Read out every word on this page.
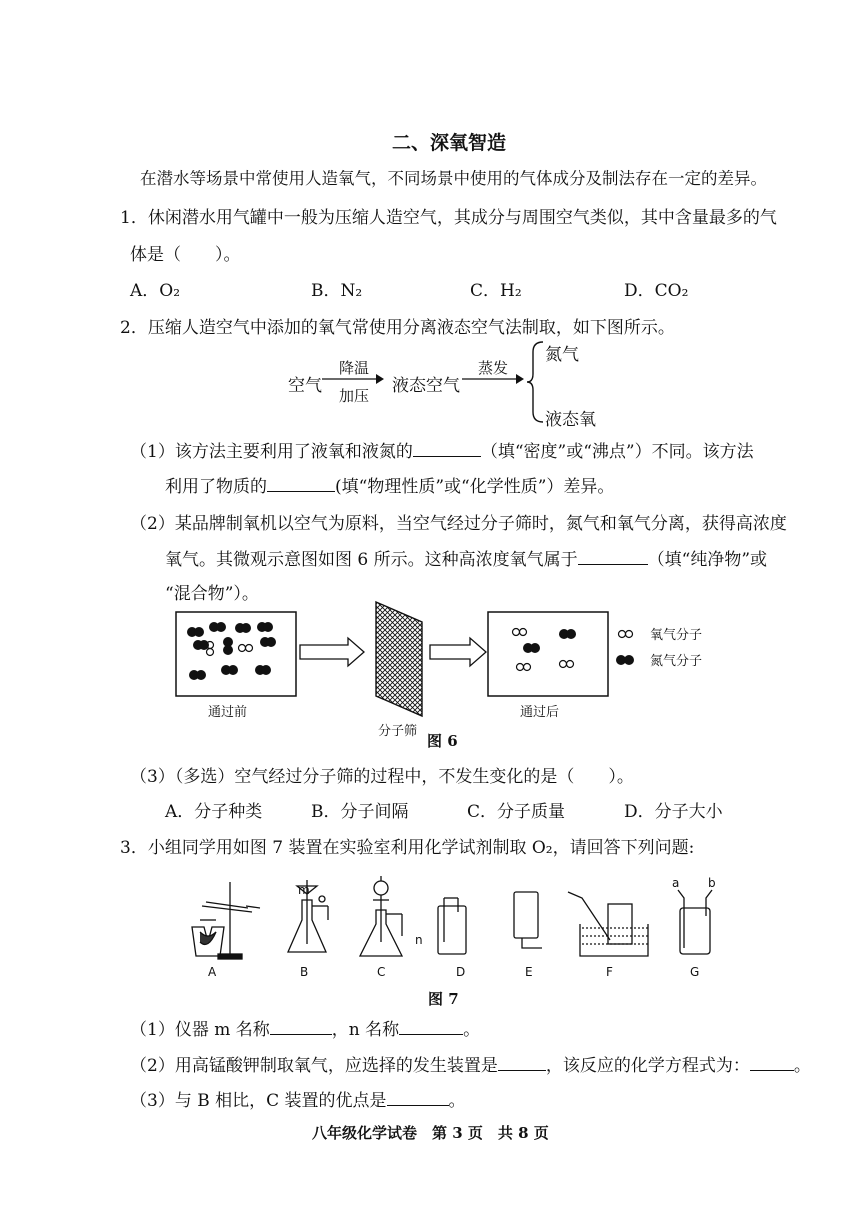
二、深氧智造
在潜水等场景中常使用人造氧气，不同场景中使用的气体成分及制法存在一定的差异。
1．休闲潜水用气罐中一般为压缩人造空气，其成分与周围空气类似，其中含量最多的气
体是（　　）。
A．O₂	B．N₂	C．H₂	D．CO₂
2．压缩人造空气中添加的氧气常使用分离液态空气法制取，如下图所示。
空气
降温
加压 液态空气
蒸发
氮气
液态氧
（1）该方法主要利用了液氧和液氮的	（填“密度”或“沸点”）不同。该方法
利用了物质的	(填“物理性质”或“化学性质”）差异。
（2）某品牌制氧机以空气为原料，当空气经过分子筛时，氮气和氧气分离，获得高浓度
氧气。其微观示意图如图 6 所示。这种高浓度氧气属于	（填“纯净物”或
“混合物”）。
通过前
分子筛
通过后
氧气分子
氮气分子
图 6
（3）（多选）空气经过分子筛的过程中，不发生变化的是（　　）。
A．分子种类	B．分子间隔	C．分子质量	D．分子大小
3．小组同学用如图 7 装置在实验室利用化学试剂制取 O₂，请回答下列问题:
m
n
a b
A	B	C	D	E	F	G
图 7
（1）仪器 m 名称	，n 名称	。
（2）用高锰酸钾制取氧气，应选择的发生装置是	，该反应的化学方程式为：	。
（3）与 B 相比，C 装置的优点是	。
八年级化学试卷　第 3 页　共 8 页
